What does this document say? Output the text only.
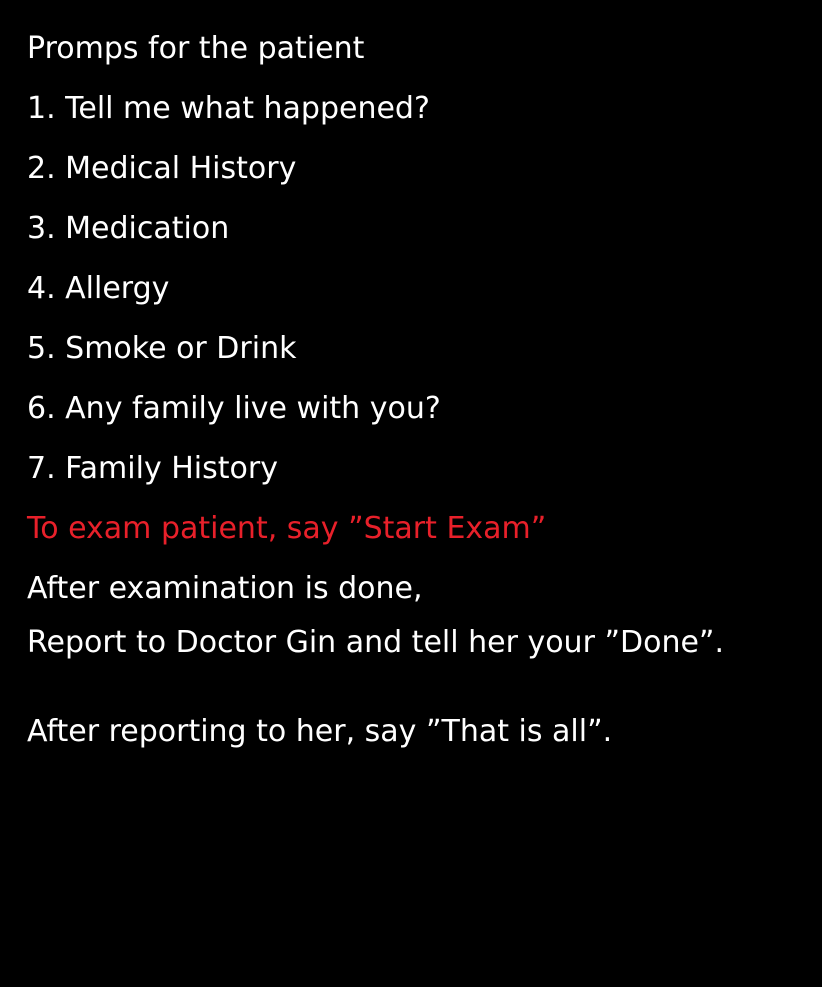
Promps for the patient
1. Tell me what happened?
2. Medical History
3. Medication
4. Allergy
5. Smoke or Drink
6. Any family live with you?
7. Family History
To exam patient, say ”Start Exam”
After examination is done,
Report to Doctor Gin and tell her your ”Done”.
After reporting to her, say ”That is all”.
